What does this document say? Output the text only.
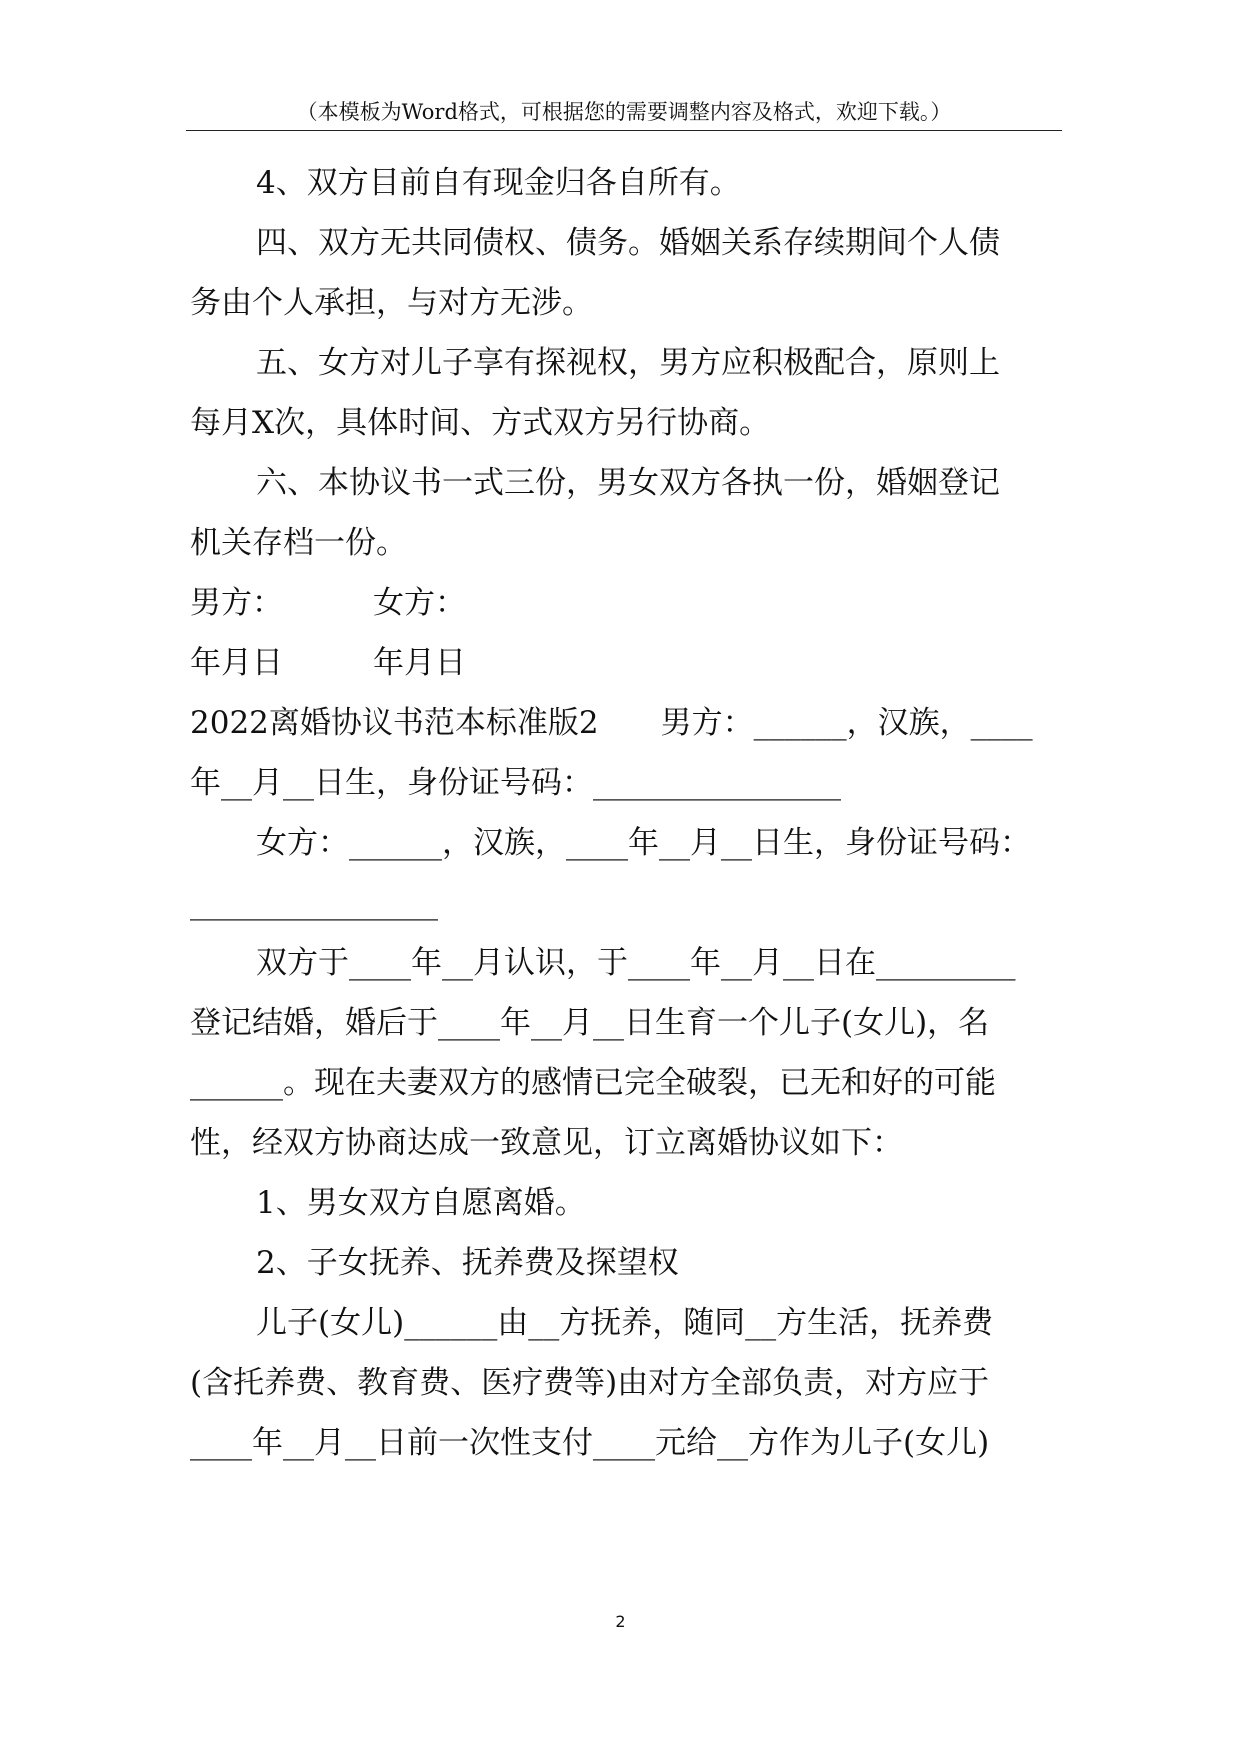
（本模板为Word格式，可根据您的需要调整内容及格式，欢迎下载。）

4、双方目前自有现金归各自所有。

四、双方无共同债权、债务。婚姻关系存续期间个人债

务由个人承担，与对方无涉。

五、女方对儿子享有探视权，男方应积极配合，原则上

每月X次，具体时间、方式双方另行协商。

六、本协议书一式三份，男女双方各执一份，婚姻登记

机关存档一份。

男方：	女方：

年月日	年月日

2022离婚协议书范本标准版2　　男方：______，汉族，____

年__月__日生，身份证号码：________________

女方：______，汉族，____年__月__日生，身份证号码：

________________

双方于____年__月认识，于____年__月__日在_________

登记结婚，婚后于____年__月__日生育一个儿子(女儿)，名

______。现在夫妻双方的感情已完全破裂，已无和好的可能

性，经双方协商达成一致意见，订立离婚协议如下：

1、男女双方自愿离婚。

2、子女抚养、抚养费及探望权

儿子(女儿)______由__方抚养，随同__方生活，抚养费

(含托养费、教育费、医疗费等)由对方全部负责，对方应于

____年__月__日前一次性支付____元给__方作为儿子(女儿)

2
